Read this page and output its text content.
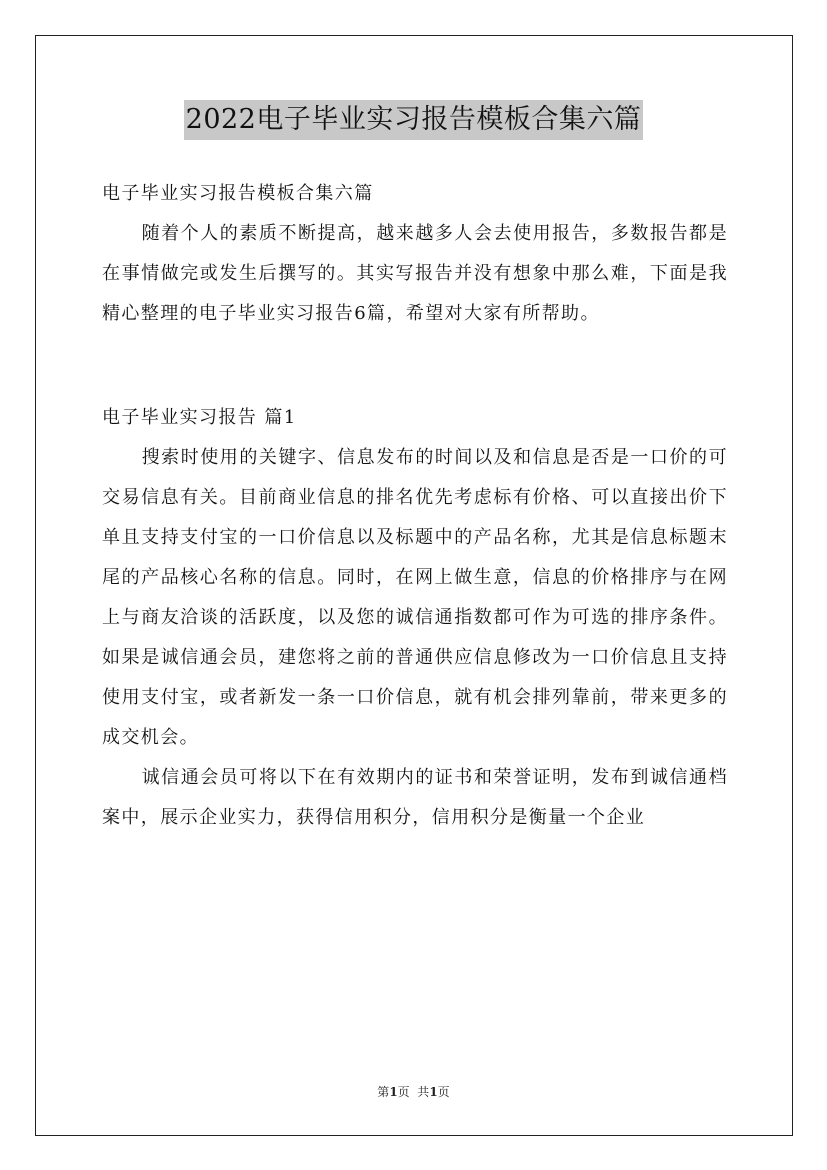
2022电子毕业实习报告模板合集六篇

电子毕业实习报告模板合集六篇

随着个人的素质不断提高，越来越多人会去使用报告，多数报告都是在事情做完或发生后撰写的。其实写报告并没有想象中那么难，下面是我精心整理的电子毕业实习报告6篇，希望对大家有所帮助。

电子毕业实习报告 篇1

搜索时使用的关键字、信息发布的时间以及和信息是否是一口价的可交易信息有关。目前商业信息的排名优先考虑标有价格、可以直接出价下单且支持支付宝的一口价信息以及标题中的产品名称，尤其是信息标题末尾的产品核心名称的信息。同时，在网上做生意，信息的价格排序与在网上与商友洽谈的活跃度，以及您的诚信通指数都可作为可选的排序条件。如果是诚信通会员，建您将之前的普通供应信息修改为一口价信息且支持使用支付宝，或者新发一条一口价信息，就有机会排列靠前，带来更多的成交机会。

诚信通会员可将以下在有效期内的证书和荣誉证明，发布到诚信通档案中，展示企业实力，获得信用积分，信用积分是衡量一个企业

第1页  共1页
